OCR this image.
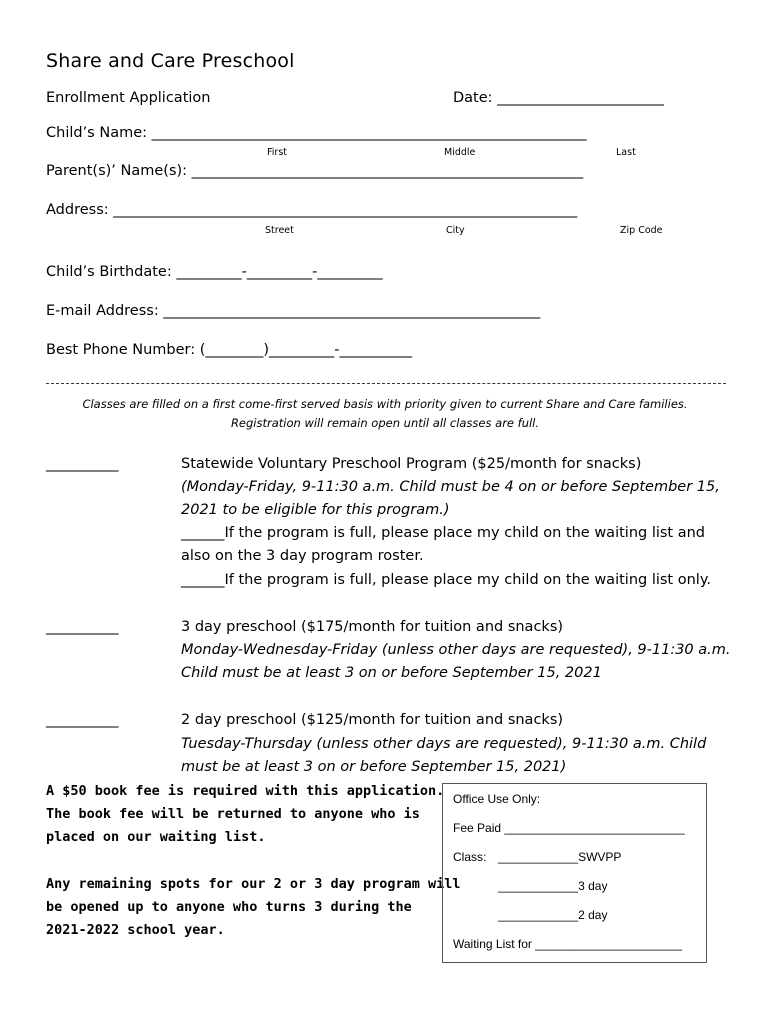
Share and Care Preschool
Enrollment Application	Date: _______________________
Child’s Name: ____________________________________________________________
First	Middle	Last
Parent(s)’ Name(s): ______________________________________________________
Address: ________________________________________________________________
Street	City	Zip Code
Child’s Birthdate: _________-_________-_________
E-mail Address: ____________________________________________________
Best Phone Number: (________)_________-__________
Classes are filled on a first come-first served basis with priority given to current Share and Care families.
Registration will remain open until all classes are full.
__________	Statewide Voluntary Preschool Program ($25/month for snacks)
(Monday-Friday, 9-11:30 a.m. Child must be 4 on or before September 15,
2021 to be eligible for this program.)
______If the program is full, please place my child on the waiting list and
also on the 3 day program roster.
______If the program is full, please place my child on the waiting list only.
__________	3 day preschool ($175/month for tuition and snacks)
Monday-Wednesday-Friday (unless other days are requested), 9-11:30 a.m.
Child must be at least 3 on or before September 15, 2021
__________	2 day preschool ($125/month for tuition and snacks)
Tuesday-Thursday (unless other days are requested), 9-11:30 a.m. Child
must be at least 3 on or before September 15, 2021)
A $50 book fee is required with this application.
The book fee will be returned to anyone who is
placed on our waiting list.
Any remaining spots for our 2 or 3 day program will
be opened up to anyone who turns 3 during the
2021-2022 school year.
Office Use Only:
Fee Paid ___________________________
Class: ____________SWVPP
____________3 day
____________2 day
Waiting List for ______________________
